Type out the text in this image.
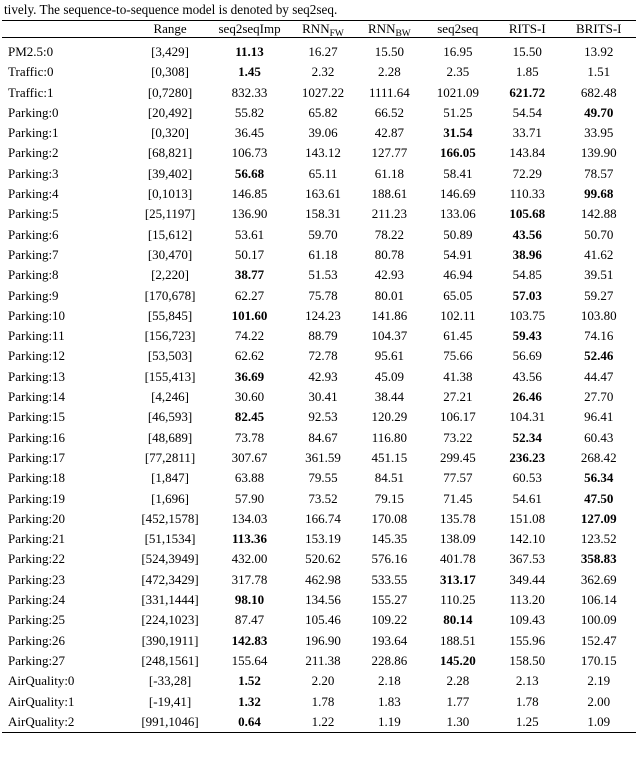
tively. The sequence-to-sequence model is denoted by seq2seq.

	Range	seq2seqImp	RNNFW	RNNBW	seq2seq	RITS-I	BRITS-I

PM2.5:0	[3,429]	11.13	16.27	15.50	16.95	15.50	13.92
Traffic:0	[0,308]	1.45	2.32	2.28	2.35	1.85	1.51
Traffic:1	[0,7280]	832.33	1027.22	1111.64	1021.09	621.72	682.48
Parking:0	[20,492]	55.82	65.82	66.52	51.25	54.54	49.70
Parking:1	[0,320]	36.45	39.06	42.87	31.54	33.71	33.95
Parking:2	[68,821]	106.73	143.12	127.77	166.05	143.84	139.90
Parking:3	[39,402]	56.68	65.11	61.18	58.41	72.29	78.57
Parking:4	[0,1013]	146.85	163.61	188.61	146.69	110.33	99.68
Parking:5	[25,1197]	136.90	158.31	211.23	133.06	105.68	142.88
Parking:6	[15,612]	53.61	59.70	78.22	50.89	43.56	50.70
Parking:7	[30,470]	50.17	61.18	80.78	54.91	38.96	41.62
Parking:8	[2,220]	38.77	51.53	42.93	46.94	54.85	39.51
Parking:9	[170,678]	62.27	75.78	80.01	65.05	57.03	59.27
Parking:10	[55,845]	101.60	124.23	141.86	102.11	103.75	103.80
Parking:11	[156,723]	74.22	88.79	104.37	61.45	59.43	74.16
Parking:12	[53,503]	62.62	72.78	95.61	75.66	56.69	52.46
Parking:13	[155,413]	36.69	42.93	45.09	41.38	43.56	44.47
Parking:14	[4,246]	30.60	30.41	38.44	27.21	26.46	27.70
Parking:15	[46,593]	82.45	92.53	120.29	106.17	104.31	96.41
Parking:16	[48,689]	73.78	84.67	116.80	73.22	52.34	60.43
Parking:17	[77,2811]	307.67	361.59	451.15	299.45	236.23	268.42
Parking:18	[1,847]	63.88	79.55	84.51	77.57	60.53	56.34
Parking:19	[1,696]	57.90	73.52	79.15	71.45	54.61	47.50
Parking:20	[452,1578]	134.03	166.74	170.08	135.78	151.08	127.09
Parking:21	[51,1534]	113.36	153.19	145.35	138.09	142.10	123.52
Parking:22	[524,3949]	432.00	520.62	576.16	401.78	367.53	358.83
Parking:23	[472,3429]	317.78	462.98	533.55	313.17	349.44	362.69
Parking:24	[331,1444]	98.10	134.56	155.27	110.25	113.20	106.14
Parking:25	[224,1023]	87.47	105.46	109.22	80.14	109.43	100.09
Parking:26	[390,1911]	142.83	196.90	193.64	188.51	155.96	152.47
Parking:27	[248,1561]	155.64	211.38	228.86	145.20	158.50	170.15
AirQuality:0	[-33,28]	1.52	2.20	2.18	2.28	2.13	2.19
AirQuality:1	[-19,41]	1.32	1.78	1.83	1.77	1.78	2.00
AirQuality:2	[991,1046]	0.64	1.22	1.19	1.30	1.25	1.09
